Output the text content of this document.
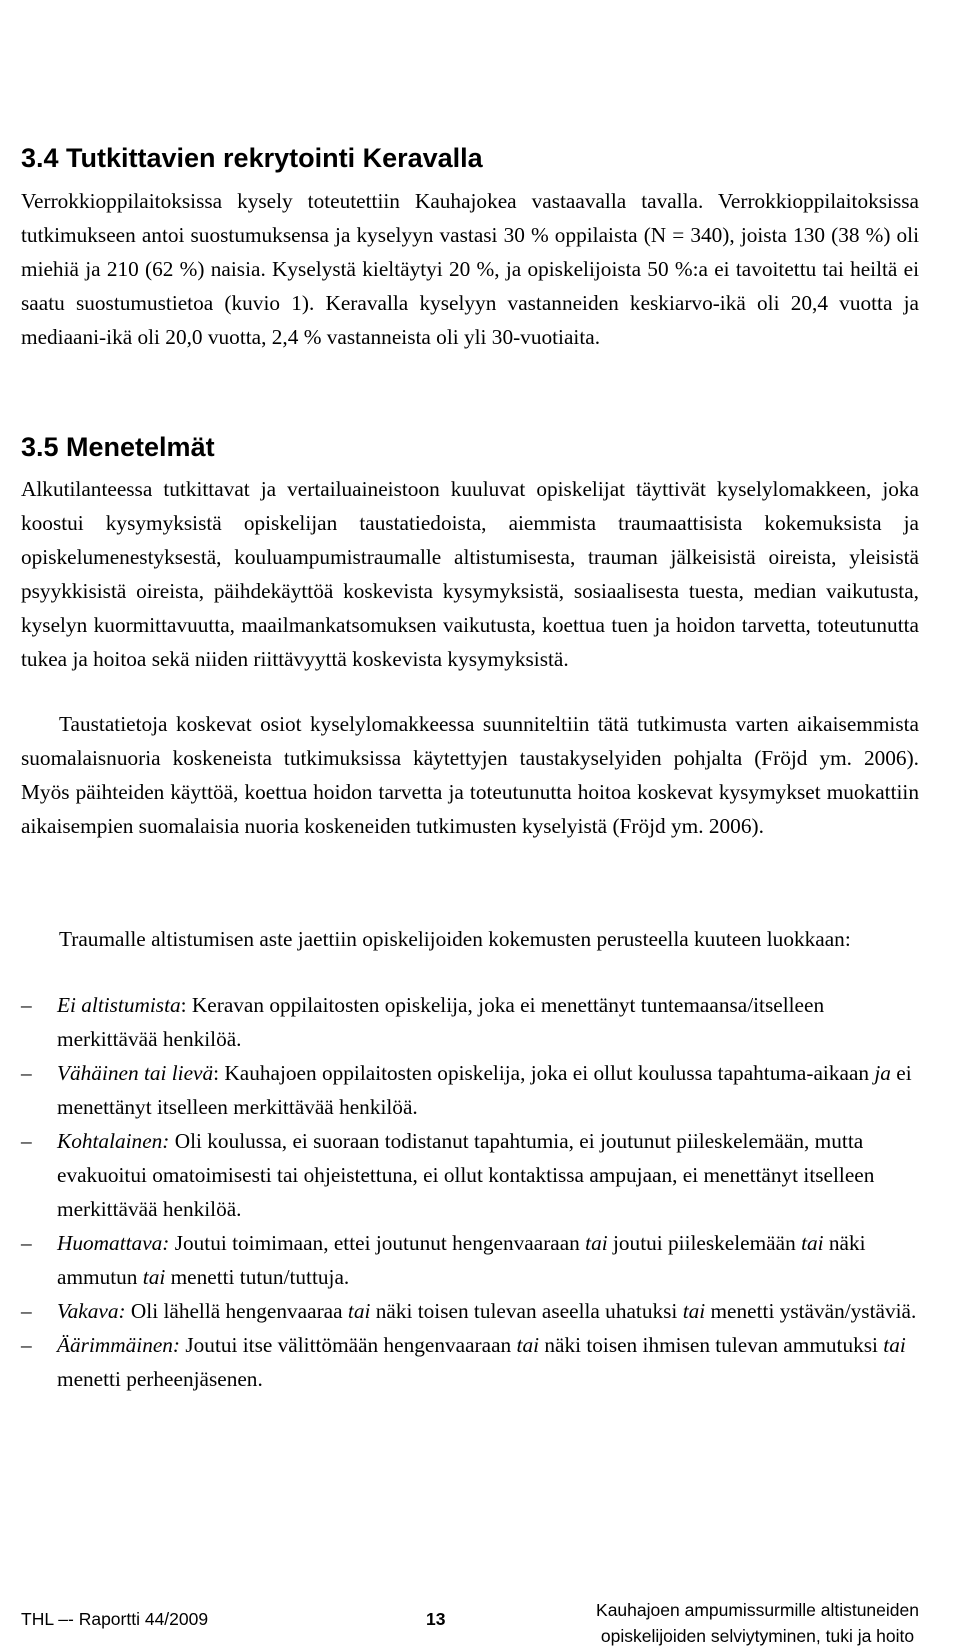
3.4 Tutkittavien rekrytointi Keravalla

Verrokkioppilaitoksissa kysely toteutettiin Kauhajokea vastaavalla tavalla. Verrokkioppilaitoksissa tutkimukseen antoi suostumuksensa ja kyselyyn vastasi 30 % oppilaista (N = 340), joista 130 (38 %) oli miehiä ja 210 (62 %) naisia. Kyselystä kieltäytyi 20 %, ja opiskelijoista 50 %:a ei tavoitettu tai heiltä ei saatu suostumustietoa (kuvio 1). Keravalla kyselyyn vastanneiden keskiarvo-ikä oli 20,4 vuotta ja mediaani-ikä oli 20,0 vuotta, 2,4 % vastanneista oli yli 30-vuotiaita.

3.5 Menetelmät

Alkutilanteessa tutkittavat ja vertailuaineistoon kuuluvat opiskelijat täyttivät kyselylomakkeen, joka koostui kysymyksistä opiskelijan taustatiedoista, aiemmista traumaattisista kokemuksista ja opiskelumenestyksestä, kouluampumistraumalle altistumisesta, trauman jälkeisistä oireista, yleisistä psyykkisistä oireista, päihdekäyttöä koskevista kysymyksistä, sosiaalisesta tuesta, median vaikutusta, kyselyn kuormittavuutta, maailmankatsomuksen vaikutusta, koettua tuen ja hoidon tarvetta, toteutunutta tukea ja hoitoa sekä niiden riittävyyttä koskevista kysymyksistä.

Taustatietoja koskevat osiot kyselylomakkeessa suunniteltiin tätä tutkimusta varten aikaisemmista suomalaisnuoria koskeneista tutkimuksissa käytettyjen taustakyselyiden pohjalta (Fröjd ym. 2006). Myös päihteiden käyttöä, koettua hoidon tarvetta ja toteutunutta hoitoa koskevat kysymykset muokattiin aikaisempien suomalaisia nuoria koskeneiden tutkimusten kyselyistä (Fröjd ym. 2006).

Traumalle altistumisen aste jaettiin opiskelijoiden kokemusten perusteella kuuteen luokkaan:

– Ei altistumista: Keravan oppilaitosten opiskelija, joka ei menettänyt tuntemaansa/itselleen merkittävää henkilöä.
– Vähäinen tai lievä: Kauhajoen oppilaitosten opiskelija, joka ei ollut koulussa tapahtuma-aikaan ja ei menettänyt itselleen merkittävää henkilöä.
– Kohtalainen: Oli koulussa, ei suoraan todistanut tapahtumia, ei joutunut piileskelemään, mutta evakuoitui omatoimisesti tai ohjeistettuna, ei ollut kontaktissa ampujaan, ei menettänyt itselleen merkittävää henkilöä.
– Huomattava: Joutui toimimaan, ettei joutunut hengenvaaraan tai joutui piileskelemään tai näki ammutun tai menetti tutun/tuttuja.
– Vakava: Oli lähellä hengenvaaraa tai näki toisen tulevan aseella uhatuksi tai menetti ystävän/ystäviä.
– Äärimmäinen: Joutui itse välittömään hengenvaaraan tai näki toisen ihmisen tulevan ammutuksi tai menetti perheenjäsenen.
THL –- Raportti 44/2009	13	Kauhajoen ampumissurmille altistuneiden
opiskelijoiden selviytyminen, tuki ja hoito
